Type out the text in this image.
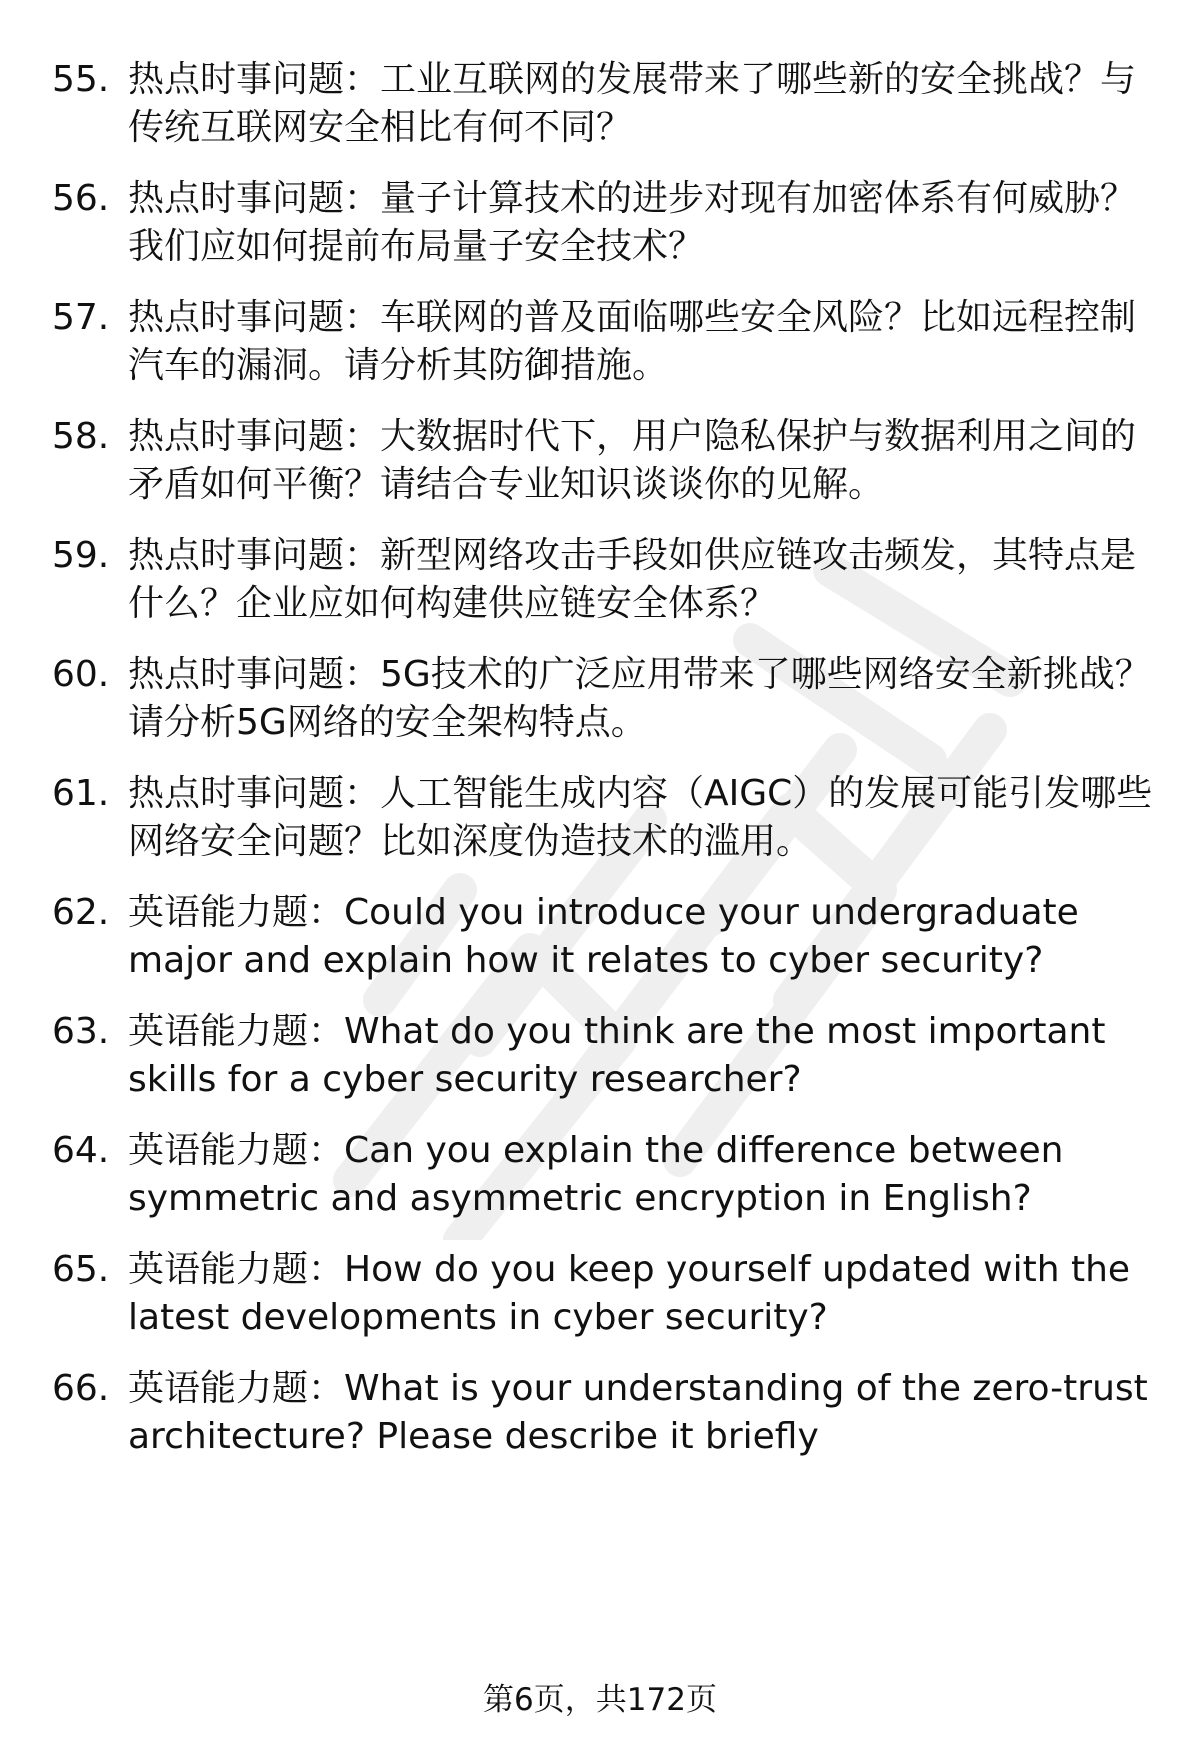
55. 热点时事问题：工业互联网的发展带来了哪些新的安全挑战？与
传统互联网安全相比有何不同？
56. 热点时事问题：量子计算技术的进步对现有加密体系有何威胁？
我们应如何提前布局量子安全技术？
57. 热点时事问题：车联网的普及面临哪些安全风险？比如远程控制
汽车的漏洞。请分析其防御措施。
58. 热点时事问题：大数据时代下，用户隐私保护与数据利用之间的
矛盾如何平衡？请结合专业知识谈谈你的见解。
59. 热点时事问题：新型网络攻击手段如供应链攻击频发，其特点是
什么？企业应如何构建供应链安全体系？
60. 热点时事问题：5G技术的广泛应用带来了哪些网络安全新挑战？
请分析5G网络的安全架构特点。
61. 热点时事问题：人工智能生成内容（AIGC）的发展可能引发哪些
网络安全问题？比如深度伪造技术的滥用。
62. 英语能力题：Could you introduce your undergraduate
major and explain how it relates to cyber security?
63. 英语能力题：What do you think are the most important
skills for a cyber security researcher?
64. 英语能力题：Can you explain the difference between
symmetric and asymmetric encryption in English?
65. 英语能力题：How do you keep yourself updated with the
latest developments in cyber security?
66. 英语能力题：What is your understanding of the zero-trust
architecture? Please describe it briefly
第6页，共172页
